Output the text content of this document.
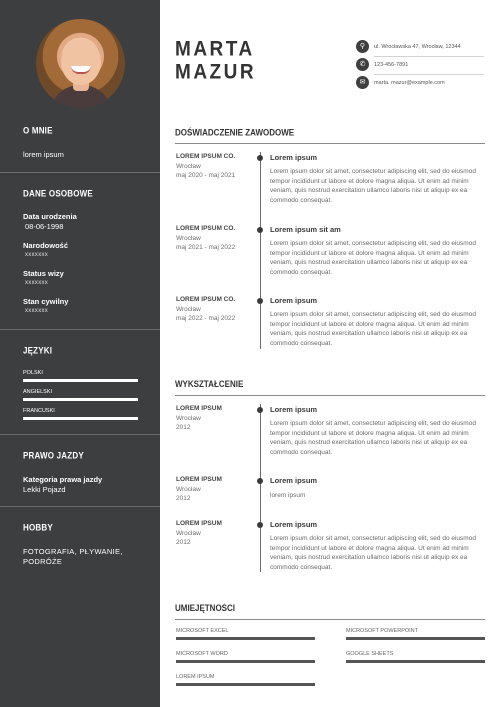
O MNIE
lorem ipsum
DANE OSOBOWE
Data urodzenia
08-06-1998
Narodowość
xxxxxxx
Status wizy
xxxxxxx
Stan cywilny
xxxxxxx
JĘZYKI
POLSKI
ANGIELSKI
FRANCUSKI
PRAWO JAZDY
Kategoria prawa jazdy
Lekki Pojazd
HOBBY
FOTOGRAFIA, PŁYWANIE,
PODRÓŻE
MARTA
MAZUR
⚲	ul. Wrocławska 47, Wrocław, 12344
✆	123-456-7891
✉	marta. mazur@example.com
DOŚWIADCZENIE ZAWODOWE
LOREM IPSUM CO.
Wrocław
maj 2020 - maj 2021
Lorem ipsum
Lorem ipsum dolor sit amet, consectetur adipiscing elit, sed do eiusmod tempor incididunt ut labore et dolore magna aliqua. Ut enim ad minim veniam, quis nostrud exercitation ullamco laboris nisi ut aliquip ex ea commodo consequat.
LOREM IPSUM CO.
Wrocław
maj 2021 - maj 2022
Lorem ipsum sit am
Lorem ipsum dolor sit amet, consectetur adipiscing elit, sed do eiusmod tempor incididunt ut labore et dolore magna aliqua. Ut enim ad minim veniam, quis nostrud exercitation ullamco laboris nisi ut aliquip ex ea commodo consequat.
LOREM IPSUM CO.
Wrocław
maj 2022 - maj 2022
Lorem ipsum
Lorem ipsum dolor sit amet, consectetur adipiscing elit, sed do eiusmod tempor incididunt ut labore et dolore magna aliqua. Ut enim ad minim veniam, quis nostrud exercitation ullamco laboris nisi ut aliquip ex ea commodo consequat.
WYKSZTAŁCENIE
LOREM IPSUM
Wrocław
2012
Lorem ipsum
Lorem ipsum dolor sit amet, consectetur adipiscing elit, sed do eiusmod tempor incididunt ut labore et dolore magna aliqua. Ut enim ad minim veniam, quis nostrud exercitation ullamco laboris nisi ut aliquip ex ea commodo consequat.
LOREM IPSUM
Wrocław
2012
Lorem ipsum
lorem ipsum
LOREM IPSUM
Wrocław
2012
Lorem ipsum
Lorem ipsum dolor sit amet, consectetur adipiscing elit, sed do eiusmod tempor incididunt ut labore et dolore magna aliqua. Ut enim ad minim veniam, quis nostrud exercitation ullamco laboris nisi ut aliquip ex ea commodo consequat.
UMIEJĘTNOŚCI
MICROSOFT EXCEL	MICROSOFT POWERPOINT
MICROSOFT WORD	GOOGLE SHEETS
LOREM IPSUM
